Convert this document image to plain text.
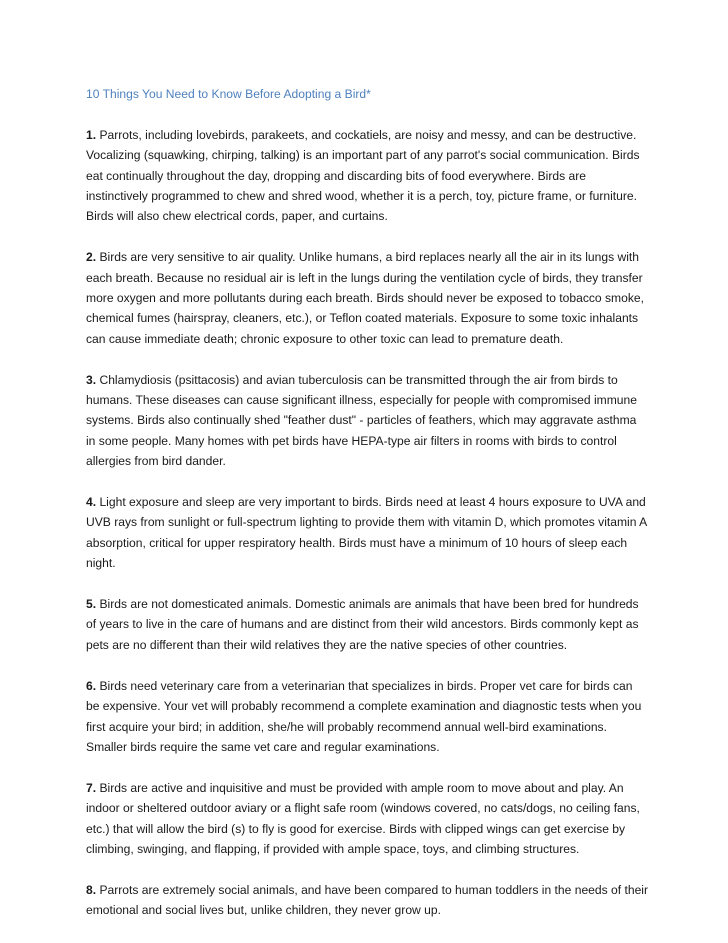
10 Things You Need to Know Before Adopting a Bird*

1. Parrots, including lovebirds, parakeets, and cockatiels, are noisy and messy, and can be destructive. Vocalizing (squawking, chirping, talking) is an important part of any parrot's social communication. Birds eat continually throughout the day, dropping and discarding bits of food everywhere. Birds are instinctively programmed to chew and shred wood, whether it is a perch, toy, picture frame, or furniture. Birds will also chew electrical cords, paper, and curtains.

2. Birds are very sensitive to air quality. Unlike humans, a bird replaces nearly all the air in its lungs with each breath. Because no residual air is left in the lungs during the ventilation cycle of birds, they transfer more oxygen and more pollutants during each breath. Birds should never be exposed to tobacco smoke, chemical fumes (hairspray, cleaners, etc.), or Teflon coated materials. Exposure to some toxic inhalants can cause immediate death; chronic exposure to other toxic can lead to premature death.

3. Chlamydiosis (psittacosis) and avian tuberculosis can be transmitted through the air from birds to humans. These diseases can cause significant illness, especially for people with compromised immune systems. Birds also continually shed "feather dust" - particles of feathers, which may aggravate asthma in some people. Many homes with pet birds have HEPA-type air filters in rooms with birds to control allergies from bird dander.

4. Light exposure and sleep are very important to birds. Birds need at least 4 hours exposure to UVA and UVB rays from sunlight or full-spectrum lighting to provide them with vitamin D, which promotes vitamin A absorption, critical for upper respiratory health. Birds must have a minimum of 10 hours of sleep each night.

5. Birds are not domesticated animals. Domestic animals are animals that have been bred for hundreds of years to live in the care of humans and are distinct from their wild ancestors. Birds commonly kept as pets are no different than their wild relatives they are the native species of other countries.

6. Birds need veterinary care from a veterinarian that specializes in birds. Proper vet care for birds can be expensive. Your vet will probably recommend a complete examination and diagnostic tests when you first acquire your bird; in addition, she/he will probably recommend annual well-bird examinations. Smaller birds require the same vet care and regular examinations.

7. Birds are active and inquisitive and must be provided with ample room to move about and play. An indoor or sheltered outdoor aviary or a flight safe room (windows covered, no cats/dogs, no ceiling fans, etc.) that will allow the bird (s) to fly is good for exercise. Birds with clipped wings can get exercise by climbing, swinging, and flapping, if provided with ample space, toys, and climbing structures.

8. Parrots are extremely social animals, and have been compared to human toddlers in the needs of their emotional and social lives but, unlike children, they never grow up.
